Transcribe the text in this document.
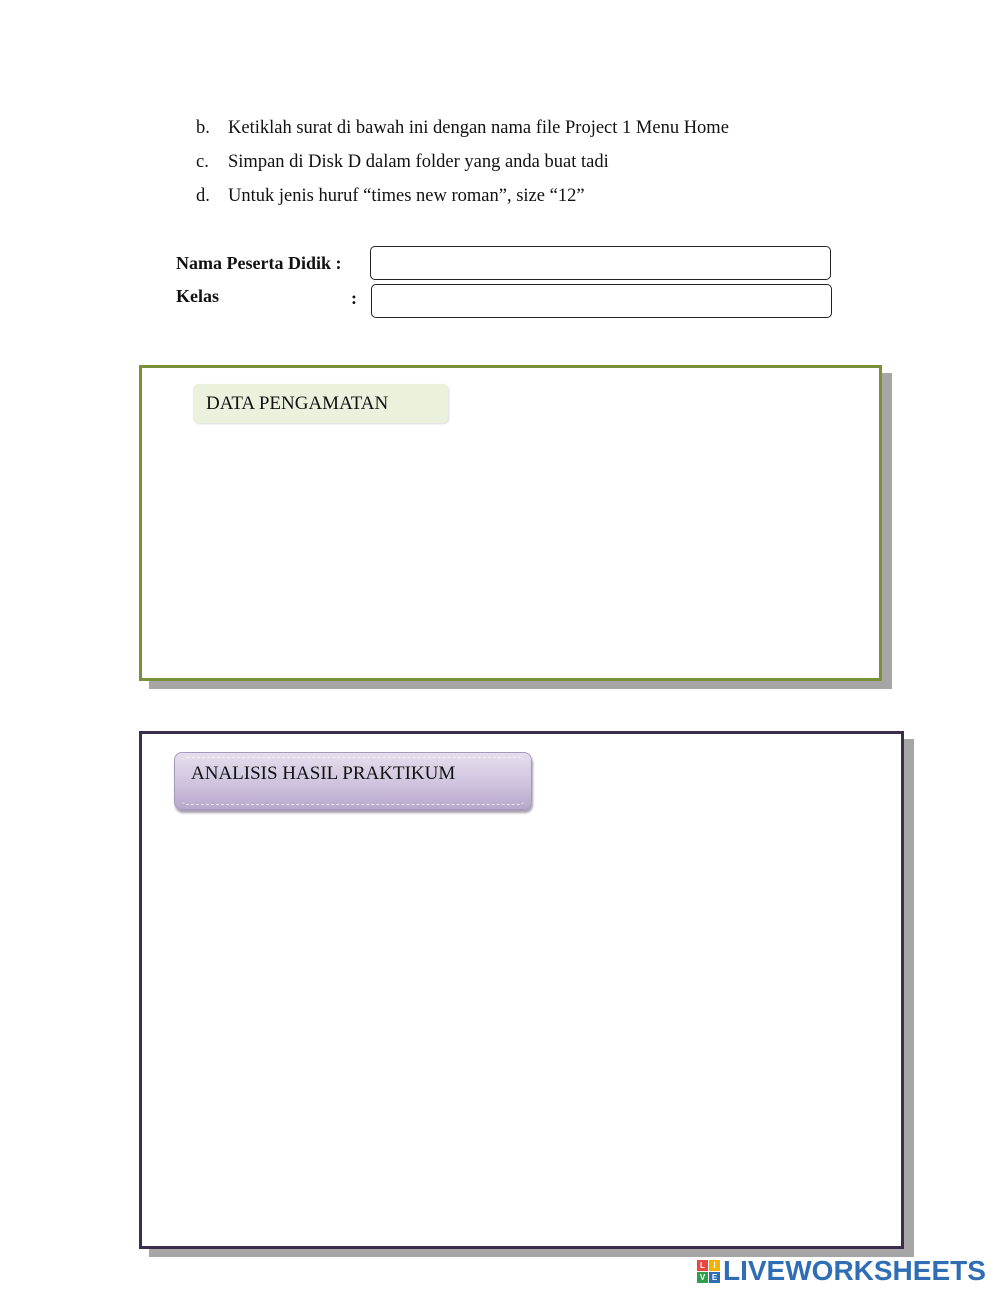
b. Ketiklah surat di bawah ini dengan nama file Project 1 Menu Home
c. Simpan di Disk D dalam folder yang anda buat tadi
d. Untuk jenis huruf “times new roman”, size “12”
Nama Peserta Didik :
Kelas	:
DATA PENGAMATAN
ANALISIS HASIL PRAKTIKUM
L	I
V E LIVEWORKSHEETS
